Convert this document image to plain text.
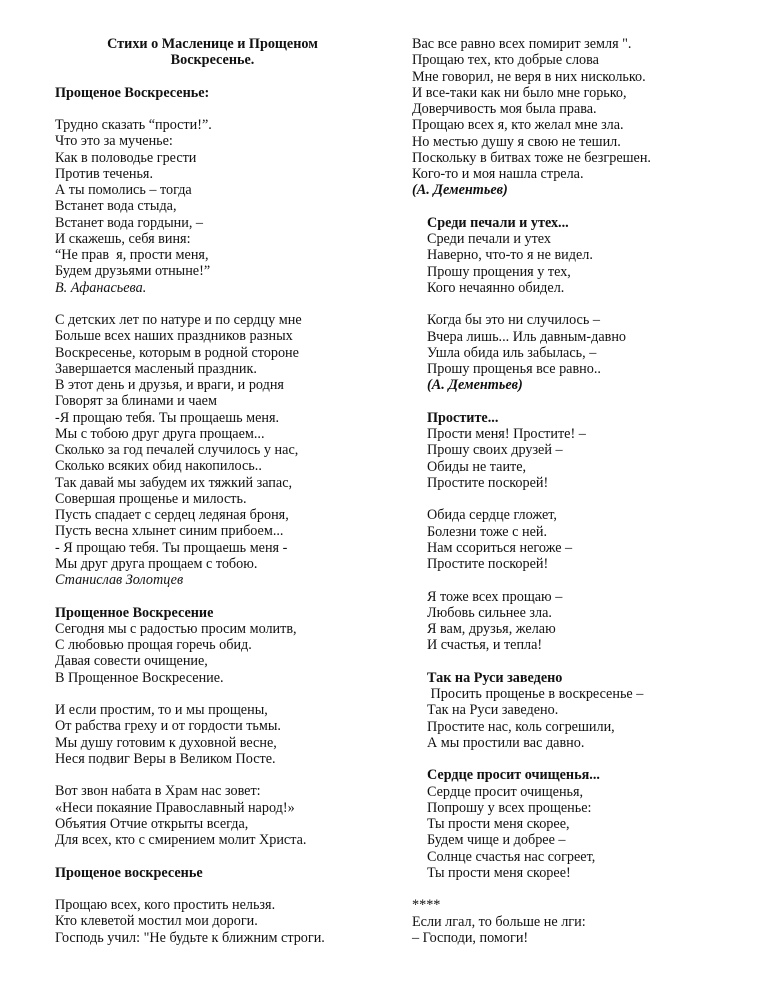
Стихи о Масленице и Прощеном
Воскресенье.
Прощеное Воскресенье:
Трудно сказать “прости!”.
Что это за мученье:
Как в половодье грести
Против теченья.
А ты помолись – тогда
Встанет вода стыда,
Встанет вода гордыни, –
И скажешь, себя виня:
“Не прав  я, прости меня,
Будем друзьями отныне!”
В. Афанасьева.
С детских лет по натуре и по сердцу мне
Больше всех наших праздников разных
Воскресенье, которым в родной стороне
Завершается масленый праздник.
В этот день и друзья, и враги, и родня
Говорят за блинами и чаем
-Я прощаю тебя. Ты прощаешь меня.
Мы с тобою друг друга прощаем...
Сколько за год печалей случилось у нас,
Сколько всяких обид накопилось..
Так давай мы забудем их тяжкий запас,
Совершая прощенье и милость.
Пусть спадает с сердец ледяная броня,
Пусть весна хлынет синим прибоем...
- Я прощаю тебя. Ты прощаешь меня -
Мы друг друга прощаем с тобою.
Станислав Золотцев
Прощенное Воскресение
Сегодня мы с радостью просим молитв,
С любовью прощая горечь обид.
Давая совести очищение,
В Прощенное Воскресение.
И если простим, то и мы прощены,
От рабства греху и от гордости тьмы.
Мы душу готовим к духовной весне,
Неся подвиг Веры в Великом Посте.
Вот звон набата в Храм нас зовет:
«Неси покаяние Православный народ!»
Объятия Отчие открыты всегда,
Для всех, кто с смирением молит Христа.
Прощеное воскресенье
Прощаю всех, кого простить нельзя.
Кто клеветой мостил мои дороги.
Господь учил: "Не будьте к ближним строги.
Вас все равно всех помирит земля ".
Прощаю тех, кто добрые слова
Мне говорил, не веря в них нисколько.
И все-таки как ни было мне горько,
Доверчивость моя была права.
Прощаю всех я, кто желал мне зла.
Но местью душу я свою не тешил.
Поскольку в битвах тоже не безгрешен.
Кого-то и моя нашла стрела.
(А. Дементьев)
Среди печали и утех...
Среди печали и утех
Наверно, что-то я не видел.
Прошу прощения у тех,
Кого нечаянно обидел.
Когда бы это ни случилось –
Вчера лишь... Иль давным-давно
Ушла обида иль забылась, –
Прошу прощенья все равно..
(А. Дементьев)
Простите...
Прости меня! Простите! –
Прошу своих друзей –
Обиды не таите,
Простите поскорей!
Обида сердце гложет,
Болезни тоже с ней.
Нам ссориться негоже –
Простите поскорей!
Я тоже всех прощаю –
Любовь сильнее зла.
Я вам, друзья, желаю
И счастья, и тепла!
Так на Руси заведено
Просить прощенье в воскресенье –
Так на Руси заведено.
Простите нас, коль согрешили,
А мы простили вас давно.
Сердце просит очищенья...
Сердце просит очищенья,
Попрошу у всех прощенье:
Ты прости меня скорее,
Будем чище и добрее –
Солнце счастья нас согреет,
Ты прости меня скорее!
****
Если лгал, то больше не лги:
– Господи, помоги!
